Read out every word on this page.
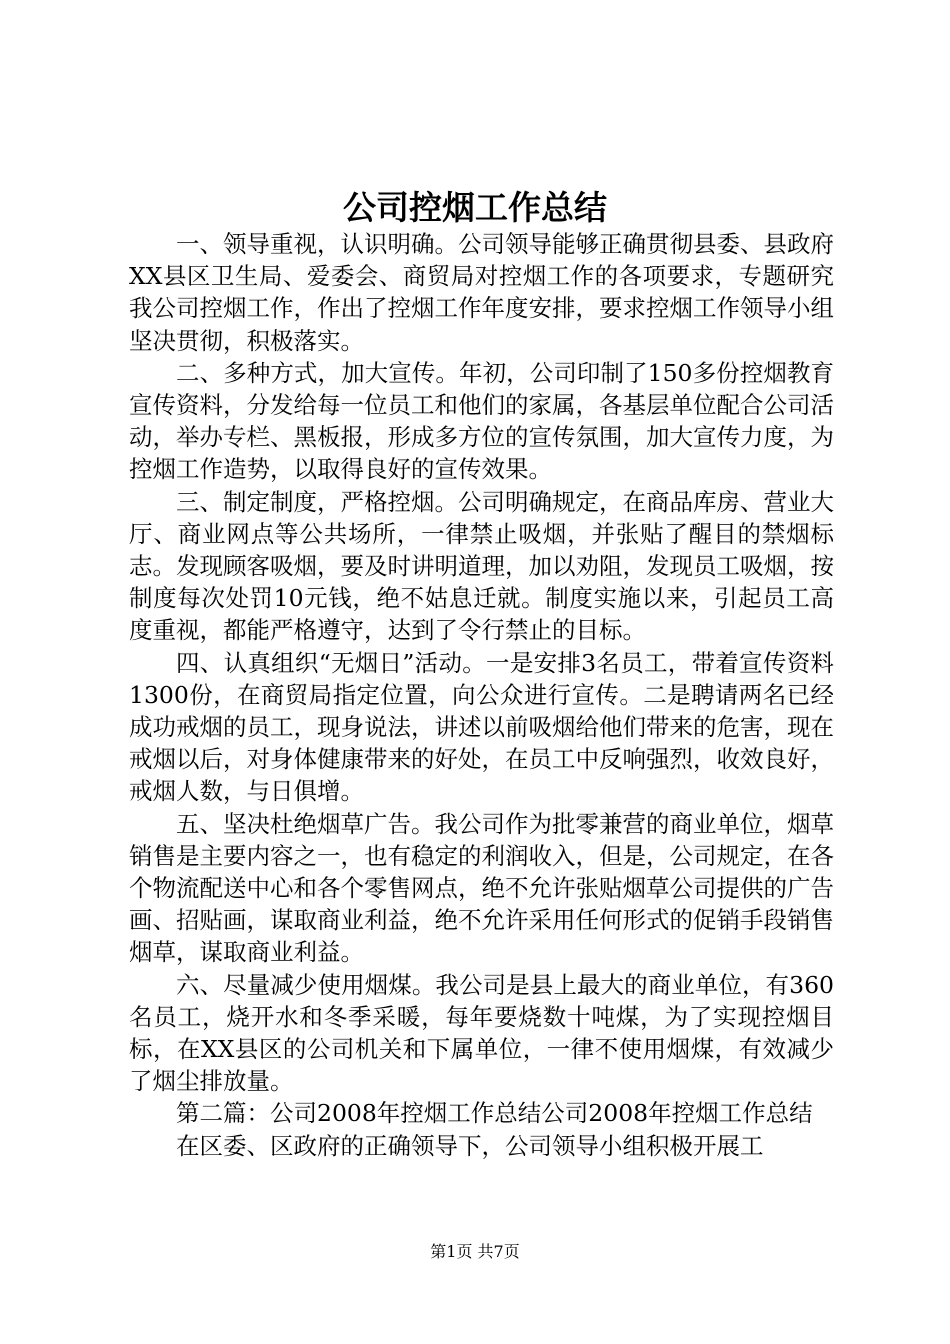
公司控烟工作总结

一、领导重视，认识明确。公司领导能够正确贯彻县委、县政府XX县区卫生局、爱委会、商贸局对控烟工作的各项要求，专题研究我公司控烟工作，作出了控烟工作年度安排，要求控烟工作领导小组坚决贯彻，积极落实。

二、多种方式，加大宣传。年初，公司印制了150多份控烟教育宣传资料，分发给每一位员工和他们的家属，各基层单位配合公司活动，举办专栏、黑板报，形成多方位的宣传氛围，加大宣传力度，为控烟工作造势，以取得良好的宣传效果。

三、制定制度，严格控烟。公司明确规定，在商品库房、营业大厅、商业网点等公共场所，一律禁止吸烟，并张贴了醒目的禁烟标志。发现顾客吸烟，要及时讲明道理，加以劝阻，发现员工吸烟，按制度每次处罚10元钱，绝不姑息迁就。制度实施以来，引起员工高度重视，都能严格遵守，达到了令行禁止的目标。

四、认真组织“无烟日”活动。一是安排3名员工，带着宣传资料1300份，在商贸局指定位置，向公众进行宣传。二是聘请两名已经成功戒烟的员工，现身说法，讲述以前吸烟给他们带来的危害，现在戒烟以后，对身体健康带来的好处，在员工中反响强烈，收效良好，戒烟人数，与日俱增。

五、坚决杜绝烟草广告。我公司作为批零兼营的商业单位，烟草销售是主要内容之一，也有稳定的利润收入，但是，公司规定，在各个物流配送中心和各个零售网点，绝不允许张贴烟草公司提供的广告画、招贴画，谋取商业利益，绝不允许采用任何形式的促销手段销售烟草，谋取商业利益。

六、尽量减少使用烟煤。我公司是县上最大的商业单位，有360名员工，烧开水和冬季采暖，每年要烧数十吨煤，为了实现控烟目标，在XX县区的公司机关和下属单位，一律不使用烟煤，有效减少了烟尘排放量。

第二篇：公司2008年控烟工作总结公司2008年控烟工作总结

在区委、区政府的正确领导下，公司领导小组积极开展工

第1页 共7页
